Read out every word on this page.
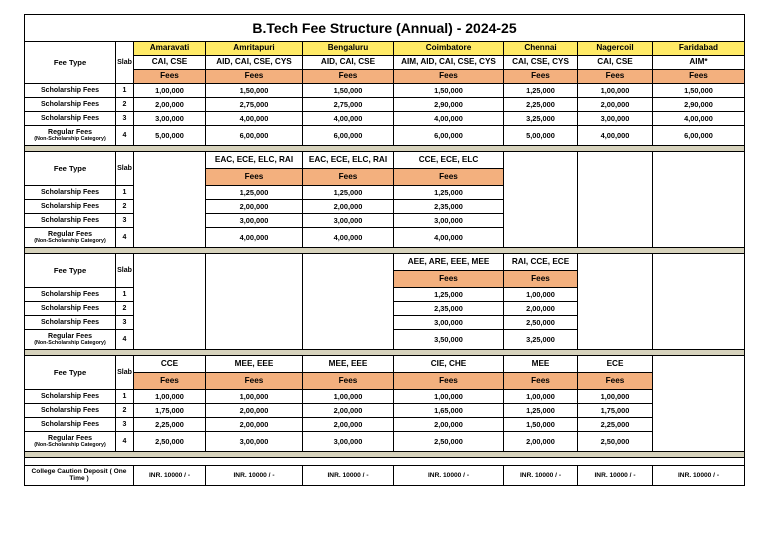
B.Tech Fee Structure (Annual) - 2024-25								
Fee Type	Slab	Amaravati	Amritapuri	Bengaluru	Coimbatore	Chennai	Nagercoil	Faridabad
		CAI, CSE	AID, CAI, CSE, CYS	AID, CAI, CSE	AIM, AID, CAI, CSE, CYS	CAI, CSE, CYS	CAI, CSE	AIM*
		Fees	Fees	Fees	Fees	Fees	Fees	Fees
Scholarship Fees	1	1,00,000	1,50,000	1,50,000	1,50,000	1,25,000	1,00,000	1,50,000
Scholarship Fees	2	2,00,000	2,75,000	2,75,000	2,90,000	2,25,000	2,00,000	2,90,000
Scholarship Fees	3	3,00,000	4,00,000	4,00,000	4,00,000	3,25,000	3,00,000	4,00,000

Regular Fees
(Non-Scholarship Category)	4	5,00,000	6,00,000	6,00,000	6,00,000	5,00,000	4,00,000	6,00,000

Fee Type	Slab		EAC, ECE, ELC, RAI	EAC, ECE, ELC, RAI	CCE, ECE, ELC			
			Fees	Fees	Fees			
Scholarship Fees	1		1,25,000	1,25,000	1,25,000			
Scholarship Fees	2		2,00,000	2,00,000	2,35,000			
Scholarship Fees	3		3,00,000	3,00,000	3,00,000			

Regular Fees
(Non-Scholarship Category)	4		4,00,000	4,00,000	4,00,000			

Fee Type	Slab				AEE, ARE, EEE, MEE	RAI, CCE, ECE		
					Fees	Fees		
Scholarship Fees	1				1,25,000	1,00,000		
Scholarship Fees	2				2,35,000	2,00,000		
Scholarship Fees	3				3,00,000	2,50,000		

Regular Fees
(Non-Scholarship Category)	4				3,50,000	3,25,000		

Fee Type	Slab	CCE	MEE, EEE	MEE, EEE	CIE, CHE	MEE	ECE	
		Fees	Fees	Fees	Fees	Fees	Fees	
Scholarship Fees	1	1,00,000	1,00,000	1,00,000	1,00,000	1,00,000	1,00,000	
Scholarship Fees	2	1,75,000	2,00,000	2,00,000	1,65,000	1,25,000	1,75,000	
Scholarship Fees	3	2,25,000	2,00,000	2,00,000	2,00,000	1,50,000	2,25,000	

Regular Fees
(Non-Scholarship Category)	4	2,50,000	3,00,000	3,00,000	2,50,000	2,00,000	2,50,000	

College Caution Deposit ( One Time )		INR. 10000 / -	INR. 10000 / -	INR. 10000 / -	INR. 10000 / -	INR. 10000 / -	INR. 10000 / -	INR. 10000 / -
